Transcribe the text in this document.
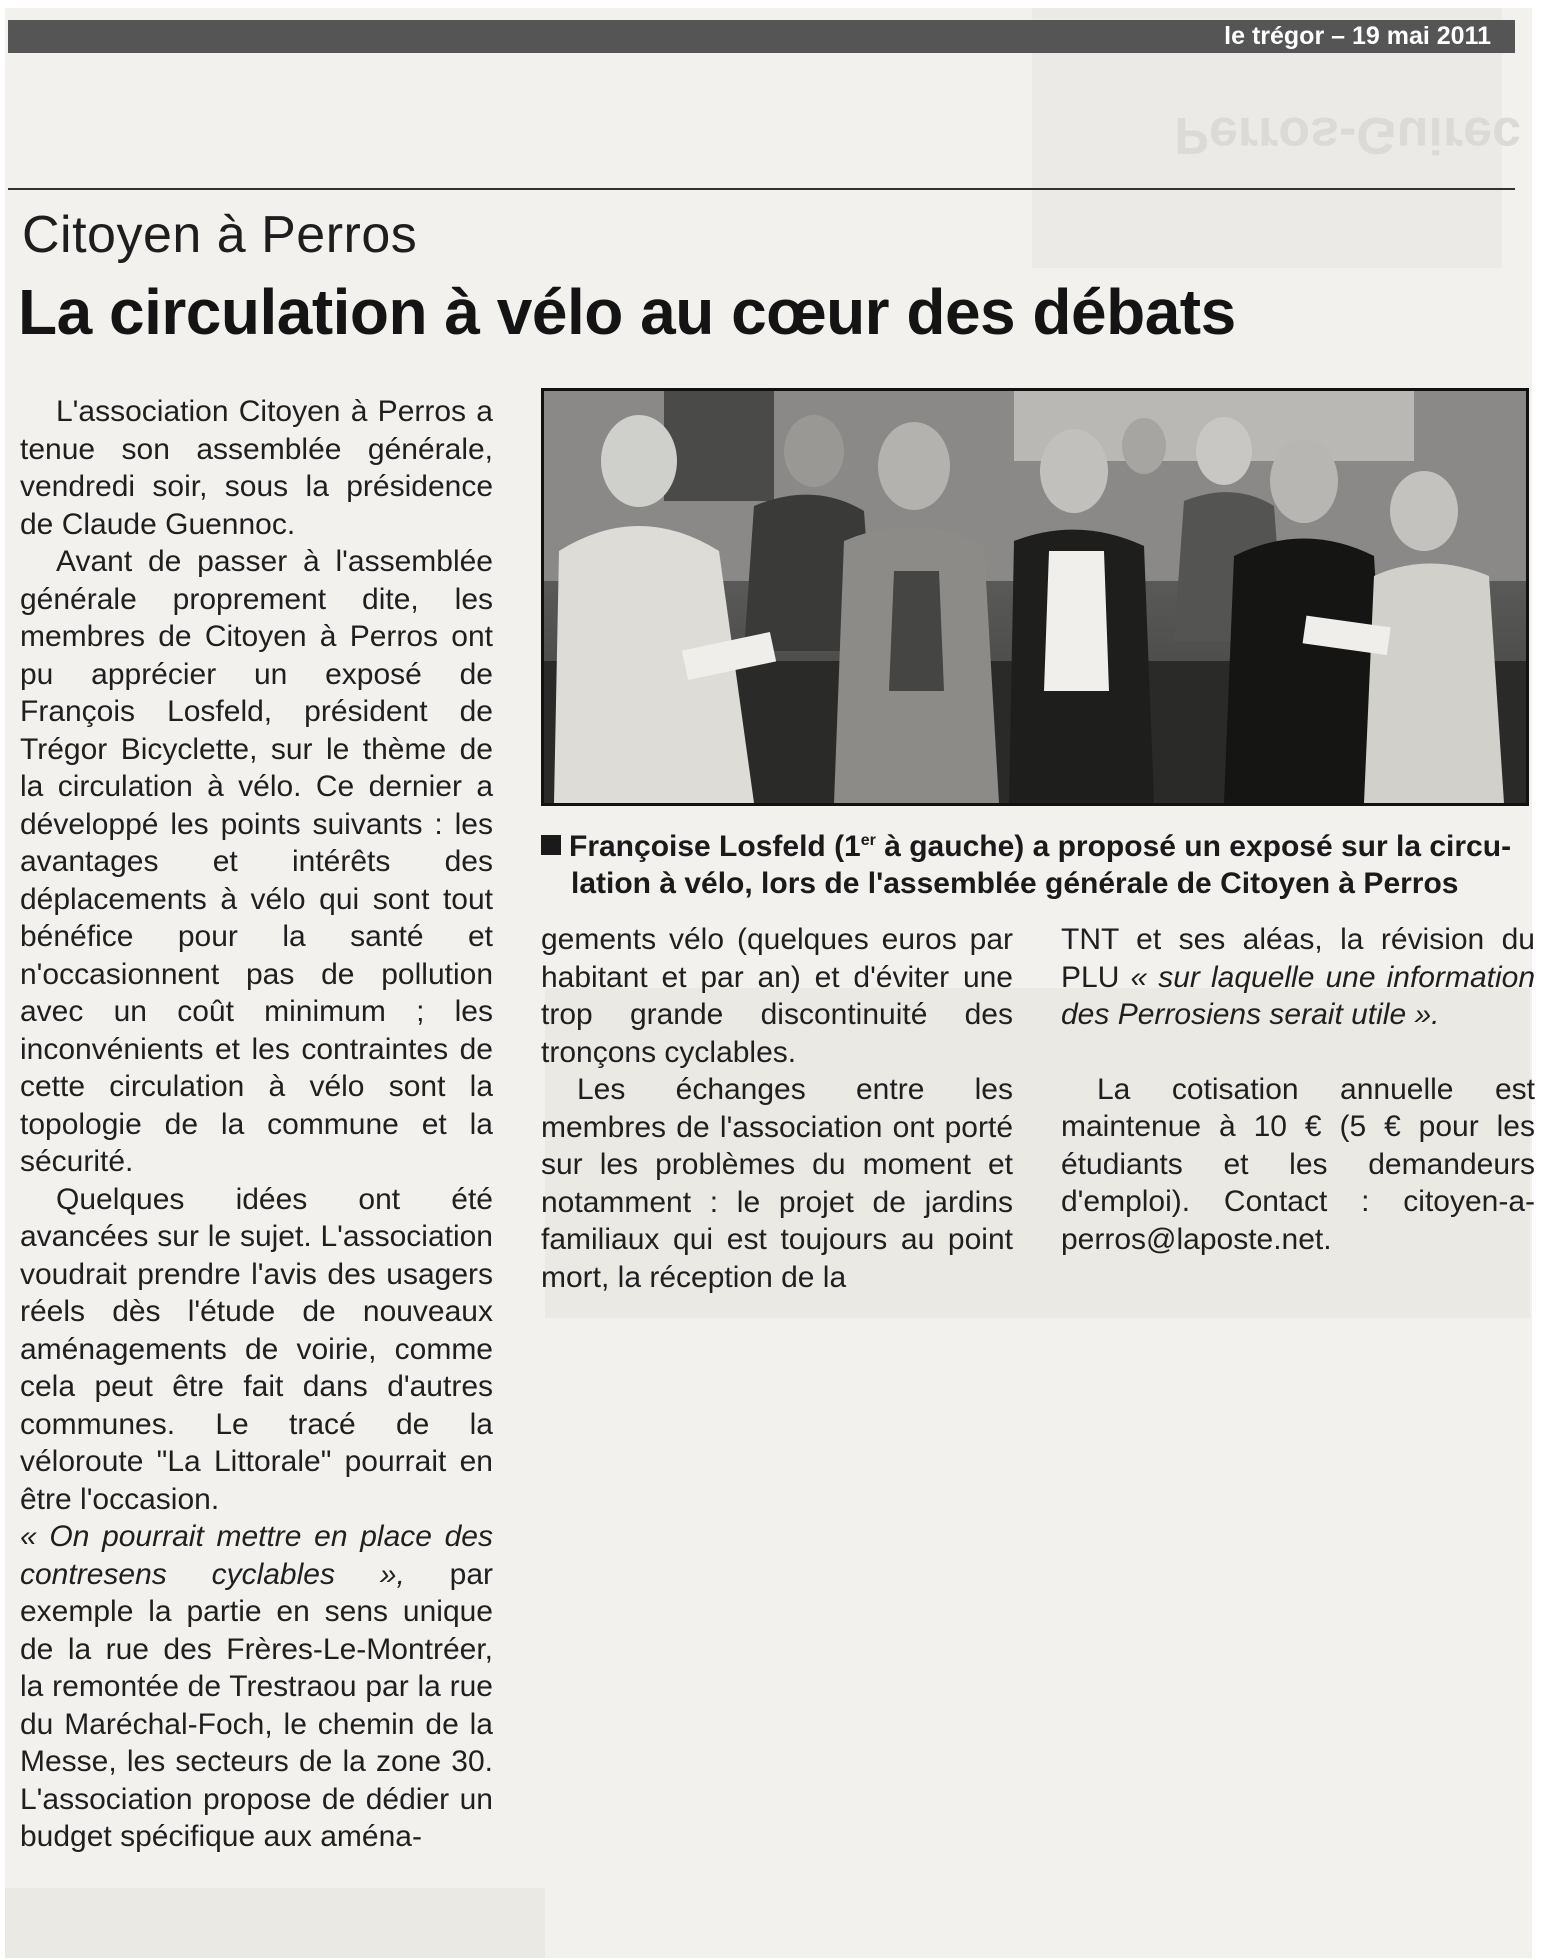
le trégor – 19 mai 2011
Perros-Guirec
Citoyen à Perros
La circulation à vélo au cœur des débats

L'association Citoyen à Perros a tenue son assemblée générale, vendredi soir, sous la présidence de Claude Guennoc.

Avant de passer à l'assemblée générale proprement dite, les membres de Citoyen à Perros ont pu apprécier un exposé de François Losfeld, président de Trégor Bicyclette, sur le thème de la circulation à vélo. Ce dernier a développé les points suivants : les avantages et intérêts des déplacements à vélo qui sont tout bénéfice pour la santé et n'occasionnent pas de pollution avec un coût minimum ; les inconvénients et les contraintes de cette circulation à vélo sont la topologie de la commune et la sécurité.

Quelques idées ont été avancées sur le sujet. L'association voudrait prendre l'avis des usagers réels dès l'étude de nouveaux aménagements de voirie, comme cela peut être fait dans d'autres communes. Le tracé de la véloroute "La Littorale" pourrait en être l'occasion.

« On pourrait mettre en place des contresens cyclables », par exemple la partie en sens unique de la rue des Frères-Le-Montréer, la remontée de Trestraou par la rue du Maréchal-Foch, le chemin de la Messe, les secteurs de la zone 30. L'association propose de dédier un budget spécifique aux aména-

Françoise Losfeld (1er à gauche) a proposé un exposé sur la circu-
lation à vélo, lors de l'assemblée générale de Citoyen à Perros

gements vélo (quelques euros par habitant et par an) et d'éviter une trop grande discontinuité des tronçons cyclables.

Les échanges entre les membres de l'association ont porté sur les problèmes du moment et notamment : le projet de jardins familiaux qui est toujours au point mort, la réception de la

TNT et ses aléas, la révision du PLU « sur laquelle une information des Perrosiens serait utile ».

La cotisation annuelle est maintenue à 10 € (5 € pour les étudiants et les demandeurs d'emploi). Contact : citoyen-a-perros@laposte.net.
